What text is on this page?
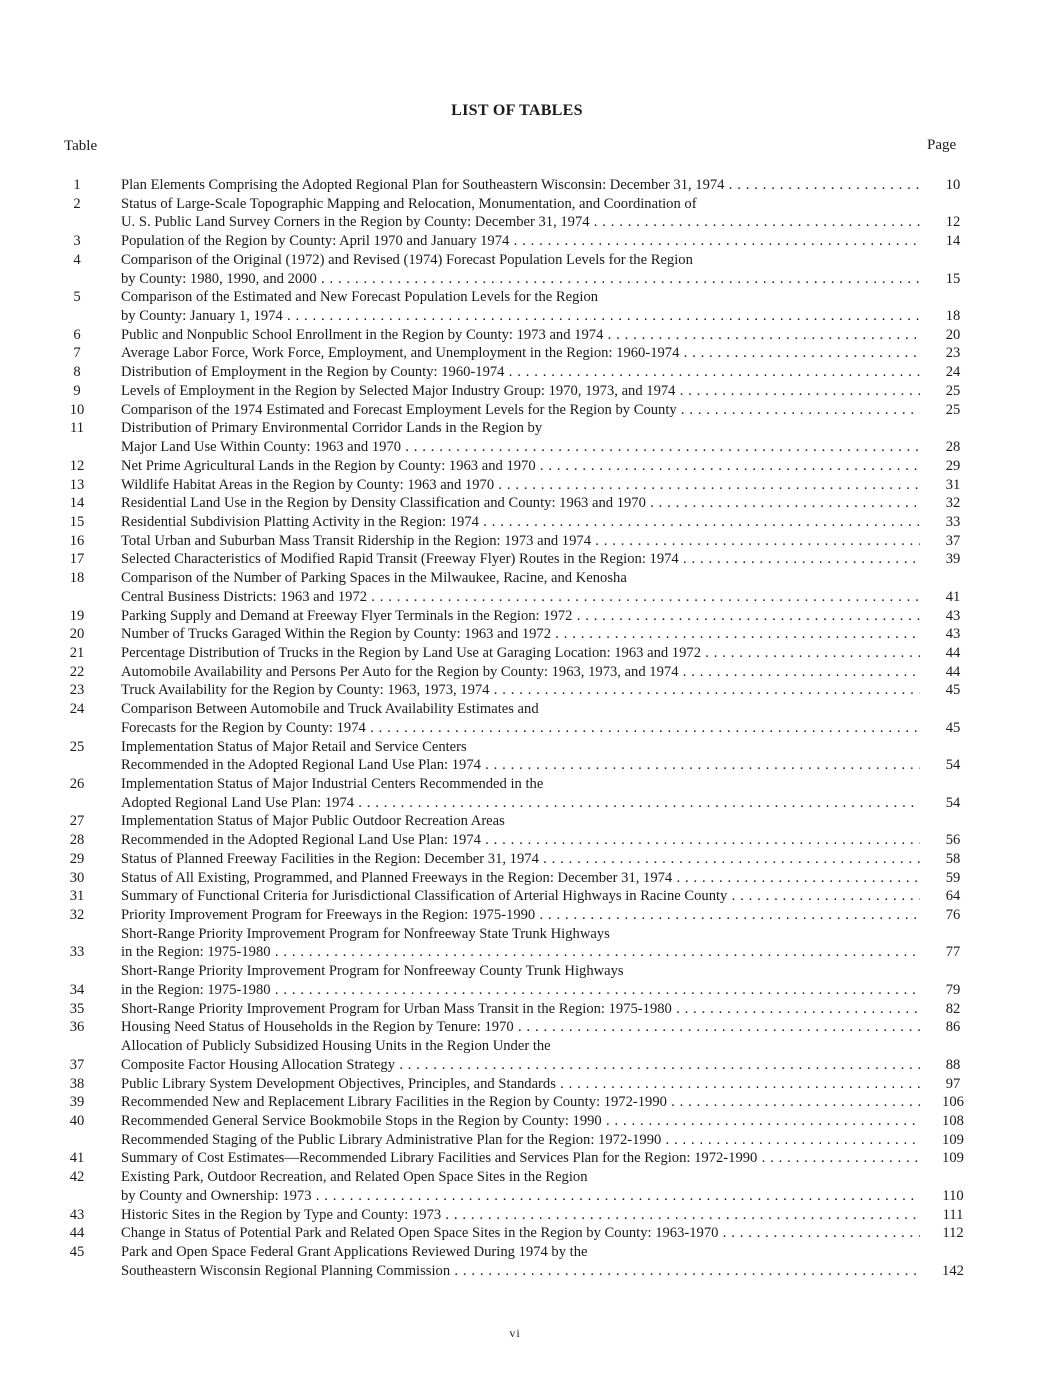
LIST OF TABLES
Table	Page
1	Plan Elements Comprising the Adopted Regional Plan for Southeastern Wisconsin: December 31, 1974 . . .	10
2	Status of Large-Scale Topographic Mapping and Relocation, Monumentation, and Coordination of
U. S. Public Land Survey Corners in the Region by County: December 31, 1974 . . .	12
3	Population of the Region by County: April 1970 and January 1974 . . .	14
4	Comparison of the Original (1972) and Revised (1974) Forecast Population Levels for the Region
by County: 1980, 1990, and 2000 . . .	15
5	Comparison of the Estimated and New Forecast Population Levels for the Region
by County: January 1, 1974 . . .	18
6	Public and Nonpublic School Enrollment in the Region by County: 1973 and 1974 . . .	20
7	Average Labor Force, Work Force, Employment, and Unemployment in the Region: 1960-1974 . . .	23
8	Distribution of Employment in the Region by County: 1960-1974 . . .	24
9	Levels of Employment in the Region by Selected Major Industry Group: 1970, 1973, and 1974 . . .	25
10	Comparison of the 1974 Estimated and Forecast Employment Levels for the Region by County . . .	25
11	Distribution of Primary Environmental Corridor Lands in the Region by
Major Land Use Within County: 1963 and 1970 . . .	28
12	Net Prime Agricultural Lands in the Region by County: 1963 and 1970 . . .	29
13	Wildlife Habitat Areas in the Region by County: 1963 and 1970 . . .	31
14	Residential Land Use in the Region by Density Classification and County: 1963 and 1970 . . .	32
15	Residential Subdivision Platting Activity in the Region: 1974 . . .	33
16	Total Urban and Suburban Mass Transit Ridership in the Region: 1973 and 1974 . . .	37
17	Selected Characteristics of Modified Rapid Transit (Freeway Flyer) Routes in the Region: 1974 . . .	39
18	Comparison of the Number of Parking Spaces in the Milwaukee, Racine, and Kenosha
Central Business Districts: 1963 and 1972 . . .	41
19	Parking Supply and Demand at Freeway Flyer Terminals in the Region: 1972 . . .	43
20	Number of Trucks Garaged Within the Region by County: 1963 and 1972 . . .	43
21	Percentage Distribution of Trucks in the Region by Land Use at Garaging Location: 1963 and 1972 . . .	44
22	Automobile Availability and Persons Per Auto for the Region by County: 1963, 1973, and 1974 . . .	44
23	Truck Availability for the Region by County: 1963, 1973, 1974 . . .	45
24	Comparison Between Automobile and Truck Availability Estimates and
Forecasts for the Region by County: 1974 . . .	45
25	Implementation Status of Major Retail and Service Centers
Recommended in the Adopted Regional Land Use Plan: 1974 . . .	54
26	Implementation Status of Major Industrial Centers Recommended in the
Adopted Regional Land Use Plan: 1974 . . .	54
27	Implementation Status of Major Public Outdoor Recreation Areas
28	Recommended in the Adopted Regional Land Use Plan: 1974 . . .	56
29	Status of Planned Freeway Facilities in the Region: December 31, 1974 . . .	58
30	Status of All Existing, Programmed, and Planned Freeways in the Region: December 31, 1974 . . .	59
31	Summary of Functional Criteria for Jurisdictional Classification of Arterial Highways in Racine County . . .	64
32	Priority Improvement Program for Freeways in the Region: 1975-1990 . . .	76
Short-Range Priority Improvement Program for Nonfreeway State Trunk Highways
33	in the Region: 1975-1980 . . .	77
Short-Range Priority Improvement Program for Nonfreeway County Trunk Highways
34	in the Region: 1975-1980 . . .	79
35	Short-Range Priority Improvement Program for Urban Mass Transit in the Region: 1975-1980 . . .	82
36	Housing Need Status of Households in the Region by Tenure: 1970 . . .	86
Allocation of Publicly Subsidized Housing Units in the Region Under the
37	Composite Factor Housing Allocation Strategy . . .	88
38	Public Library System Development Objectives, Principles, and Standards . . .	97
39	Recommended New and Replacement Library Facilities in the Region by County: 1972-1990 . . .	106
40	Recommended General Service Bookmobile Stops in the Region by County: 1990 . . .	108
Recommended Staging of the Public Library Administrative Plan for the Region: 1972-1990 . . .	109
41	Summary of Cost Estimates—Recommended Library Facilities and Services Plan for the Region: 1972-1990 . . .	109
42	Existing Park, Outdoor Recreation, and Related Open Space Sites in the Region
by County and Ownership: 1973 . . .	110
43	Historic Sites in the Region by Type and County: 1973 . . .	111
44	Change in Status of Potential Park and Related Open Space Sites in the Region by County: 1963-1970 . . .	112
45	Park and Open Space Federal Grant Applications Reviewed During 1974 by the
Southeastern Wisconsin Regional Planning Commission . . .	142
vi
